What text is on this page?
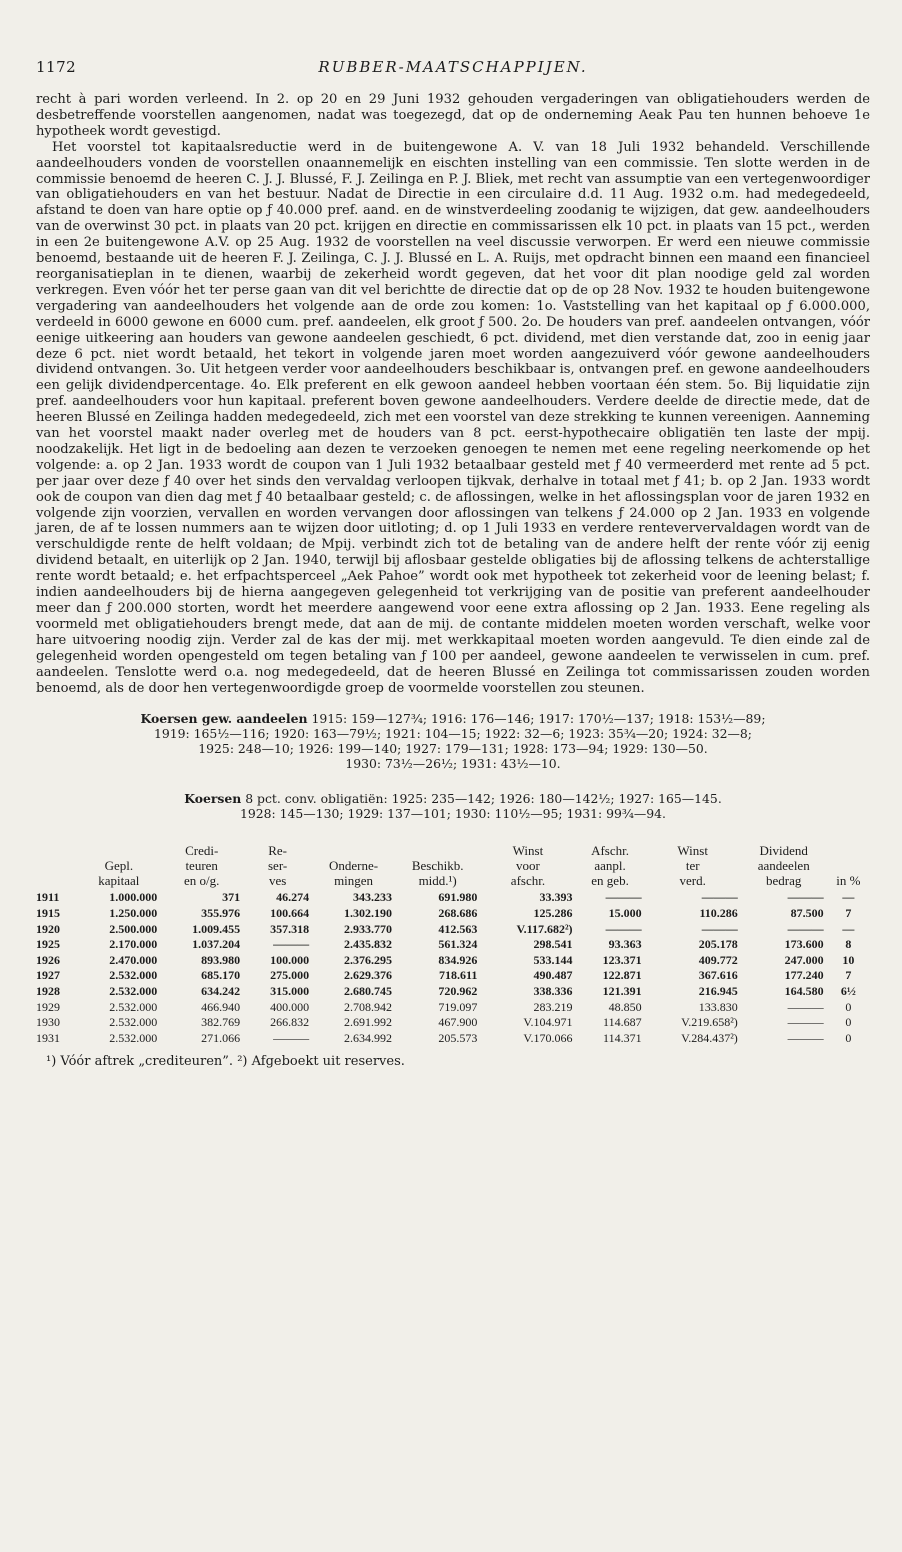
1172	RUBBER-MAATSCHAPPIJEN.

recht à pari worden verleend. In 2. op 20 en 29 Juni 1932 gehouden vergaderingen van obligatiehouders werden de desbetreffende voorstellen aangenomen, nadat was toegezegd, dat op de onderneming Aeak Pau ten hunnen behoeve 1e hypotheek wordt gevestigd.

Het voorstel tot kapitaalsreductie werd in de buitengewone A. V. van 18 Juli 1932 behandeld. Verschillende aandeelhouders vonden de voorstellen onaannemelijk en eischten instelling van een commissie. Ten slotte werden in de commissie benoemd de heeren C. J. J. Blussé, F. J. Zeilinga en P. J. Bliek, met recht van assumptie van een vertegenwoordiger van obligatiehouders en van het bestuur. Nadat de Directie in een circulaire d.d. 11 Aug. 1932 o.m. had medegedeeld, afstand te doen van hare optie op ƒ 40.000 pref. aand. en de winstverdeeling zoodanig te wijzigen, dat gew. aandeelhouders van de overwinst 30 pct. in plaats van 20 pct. krijgen en directie en commissarissen elk 10 pct. in plaats van 15 pct., werden in een 2e buitengewone A.V. op 25 Aug. 1932 de voorstellen na veel discussie verworpen. Er werd een nieuwe commissie benoemd, bestaande uit de heeren F. J. Zeilinga, C. J. J. Blussé en L. A. Ruijs, met opdracht binnen een maand een financieel reorganisatieplan in te dienen, waarbij de zekerheid wordt gegeven, dat het voor dit plan noodige geld zal worden verkregen. Even vóór het ter perse gaan van dit vel berichtte de directie dat op de op 28 Nov. 1932 te houden buitengewone vergadering van aandeelhouders het volgende aan de orde zou komen: 1o. Vaststelling van het kapitaal op ƒ 6.000.000, verdeeld in 6000 gewone en 6000 cum. pref. aandeelen, elk groot ƒ 500. 2o. De houders van pref. aandeelen ontvangen, vóór eenige uitkeering aan houders van gewone aandeelen geschiedt, 6 pct. dividend, met dien verstande dat, zoo in eenig jaar deze 6 pct. niet wordt betaald, het tekort in volgende jaren moet worden aangezuiverd vóór gewone aandeelhouders dividend ontvangen. 3o. Uit hetgeen verder voor aandeelhouders beschikbaar is, ontvangen pref. en gewone aandeelhouders een gelijk dividendpercentage. 4o. Elk preferent en elk gewoon aandeel hebben voortaan één stem. 5o. Bij liquidatie zijn pref. aandeelhouders voor hun kapitaal. preferent boven gewone aandeelhouders. Verdere deelde de directie mede, dat de heeren Blussé en Zeilinga hadden medegedeeld, zich met een voorstel van deze strekking te kunnen vereenigen. Aanneming van het voorstel maakt nader overleg met de houders van 8 pct. eerst-hypothecaire obligatiën ten laste der mpij. noodzakelijk. Het ligt in de bedoeling aan dezen te verzoeken genoegen te nemen met eene regeling neerkomende op het volgende: a. op 2 Jan. 1933 wordt de coupon van 1 Juli 1932 betaalbaar gesteld met ƒ 40 vermeerderd met rente ad 5 pct. per jaar over deze ƒ 40 over het sinds den vervaldag verloopen tijkvak, derhalve in totaal met ƒ 41; b. op 2 Jan. 1933 wordt ook de coupon van dien dag met ƒ 40 betaalbaar gesteld; c. de aflossingen, welke in het aflossingsplan voor de jaren 1932 en volgende zijn voorzien, vervallen en worden vervangen door aflossingen van telkens ƒ 24.000 op 2 Jan. 1933 en volgende jaren, de af te lossen nummers aan te wijzen door uitloting; d. op 1 Juli 1933 en verdere renteververvaldagen wordt van de verschuldigde rente de helft voldaan; de Mpij. verbindt zich tot de betaling van de andere helft der rente vóór zij eenig dividend betaalt, en uiterlijk op 2 Jan. 1940, terwijl bij aflosbaar gestelde obligaties bij de aflossing telkens de achterstallige rente wordt betaald; e. het erfpachtsperceel „Aek Pahoe” wordt ook met hypotheek tot zekerheid voor de leening belast; f. indien aandeelhouders bij de hierna aangegeven gelegenheid tot verkrijging van de positie van preferent aandeelhouder meer dan ƒ 200.000 storten, wordt het meerdere aangewend voor eene extra aflossing op 2 Jan. 1933. Eene regeling als voormeld met obligatiehouders brengt mede, dat aan de mij. de contante middelen moeten worden verschaft, welke voor hare uitvoering noodig zijn. Verder zal de kas der mij. met werkkapitaal moeten worden aangevuld. Te dien einde zal de gelegenheid worden opengesteld om tegen betaling van ƒ 100 per aandeel, gewone aandeelen te verwisselen in cum. pref. aandeelen. Tenslotte werd o.a. nog medegedeeld, dat de heeren Blussé en Zeilinga tot commissarissen zouden worden benoemd, als de door hen vertegenwoordigde groep de voormelde voorstellen zou steunen.

Koersen gew. aandeelen 1915: 159—127¾; 1916: 176—146; 1917: 170½—137; 1918: 153½—89;

1919: 165½—116; 1920: 163—79½; 1921: 104—15; 1922: 32—6; 1923: 35¾—20; 1924: 32—8;

1925: 248—10; 1926: 199—140; 1927: 179—131; 1928: 173—94; 1929: 130—50.

1930: 73½—26½; 1931: 43½—10.

Koersen 8 pct. conv. obligatiën: 1925: 235—142; 1926: 180—142½; 1927: 165—145.

1928: 145—130; 1929: 137—101; 1930: 110½—95; 1931: 99¾—94.

	Gepl.
kapitaal	Credi-
teuren
en o/g.	Re-
ser-
ves	Onderne-
mingen	Beschikb.
midd.¹)	Winst
voor
afschr.	Afschr.
aanpl.
en geb.	Winst
ter
verd.	Dividend
aandeelen
bedrag	in %
1911	1.000.000	371	46.274	343.233	691.980	33.393	———	———	———	—
1915	1.250.000	355.976	100.664	1.302.190	268.686	125.286	15.000	110.286	87.500	7
1920	2.500.000	1.009.455	357.318	2.933.770	412.563	V.117.682²)	———	———	———	—
1925	2.170.000	1.037.204	———	2.435.832	561.324	298.541	93.363	205.178	173.600	8
1926	2.470.000	893.980	100.000	2.376.295	834.926	533.144	123.371	409.772	247.000	10
1927	2.532.000	685.170	275.000	2.629.376	718.611	490.487	122.871	367.616	177.240	7
1928	2.532.000	634.242	315.000	2.680.745	720.962	338.336	121.391	216.945	164.580	6½
1929	2.532.000	466.940	400.000	2.708.942	719.097	283.219	48.850	133.830	———	0
1930	2.532.000	382.769	266.832	2.691.992	467.900	V.104.971	114.687	V.219.658²)	———	0
1931	2.532.000	271.066	———	2.634.992	205.573	V.170.066	114.371	V.284.437²)	———	0
¹) Vóór aftrek „crediteuren”. ²) Afgeboekt uit reserves.
